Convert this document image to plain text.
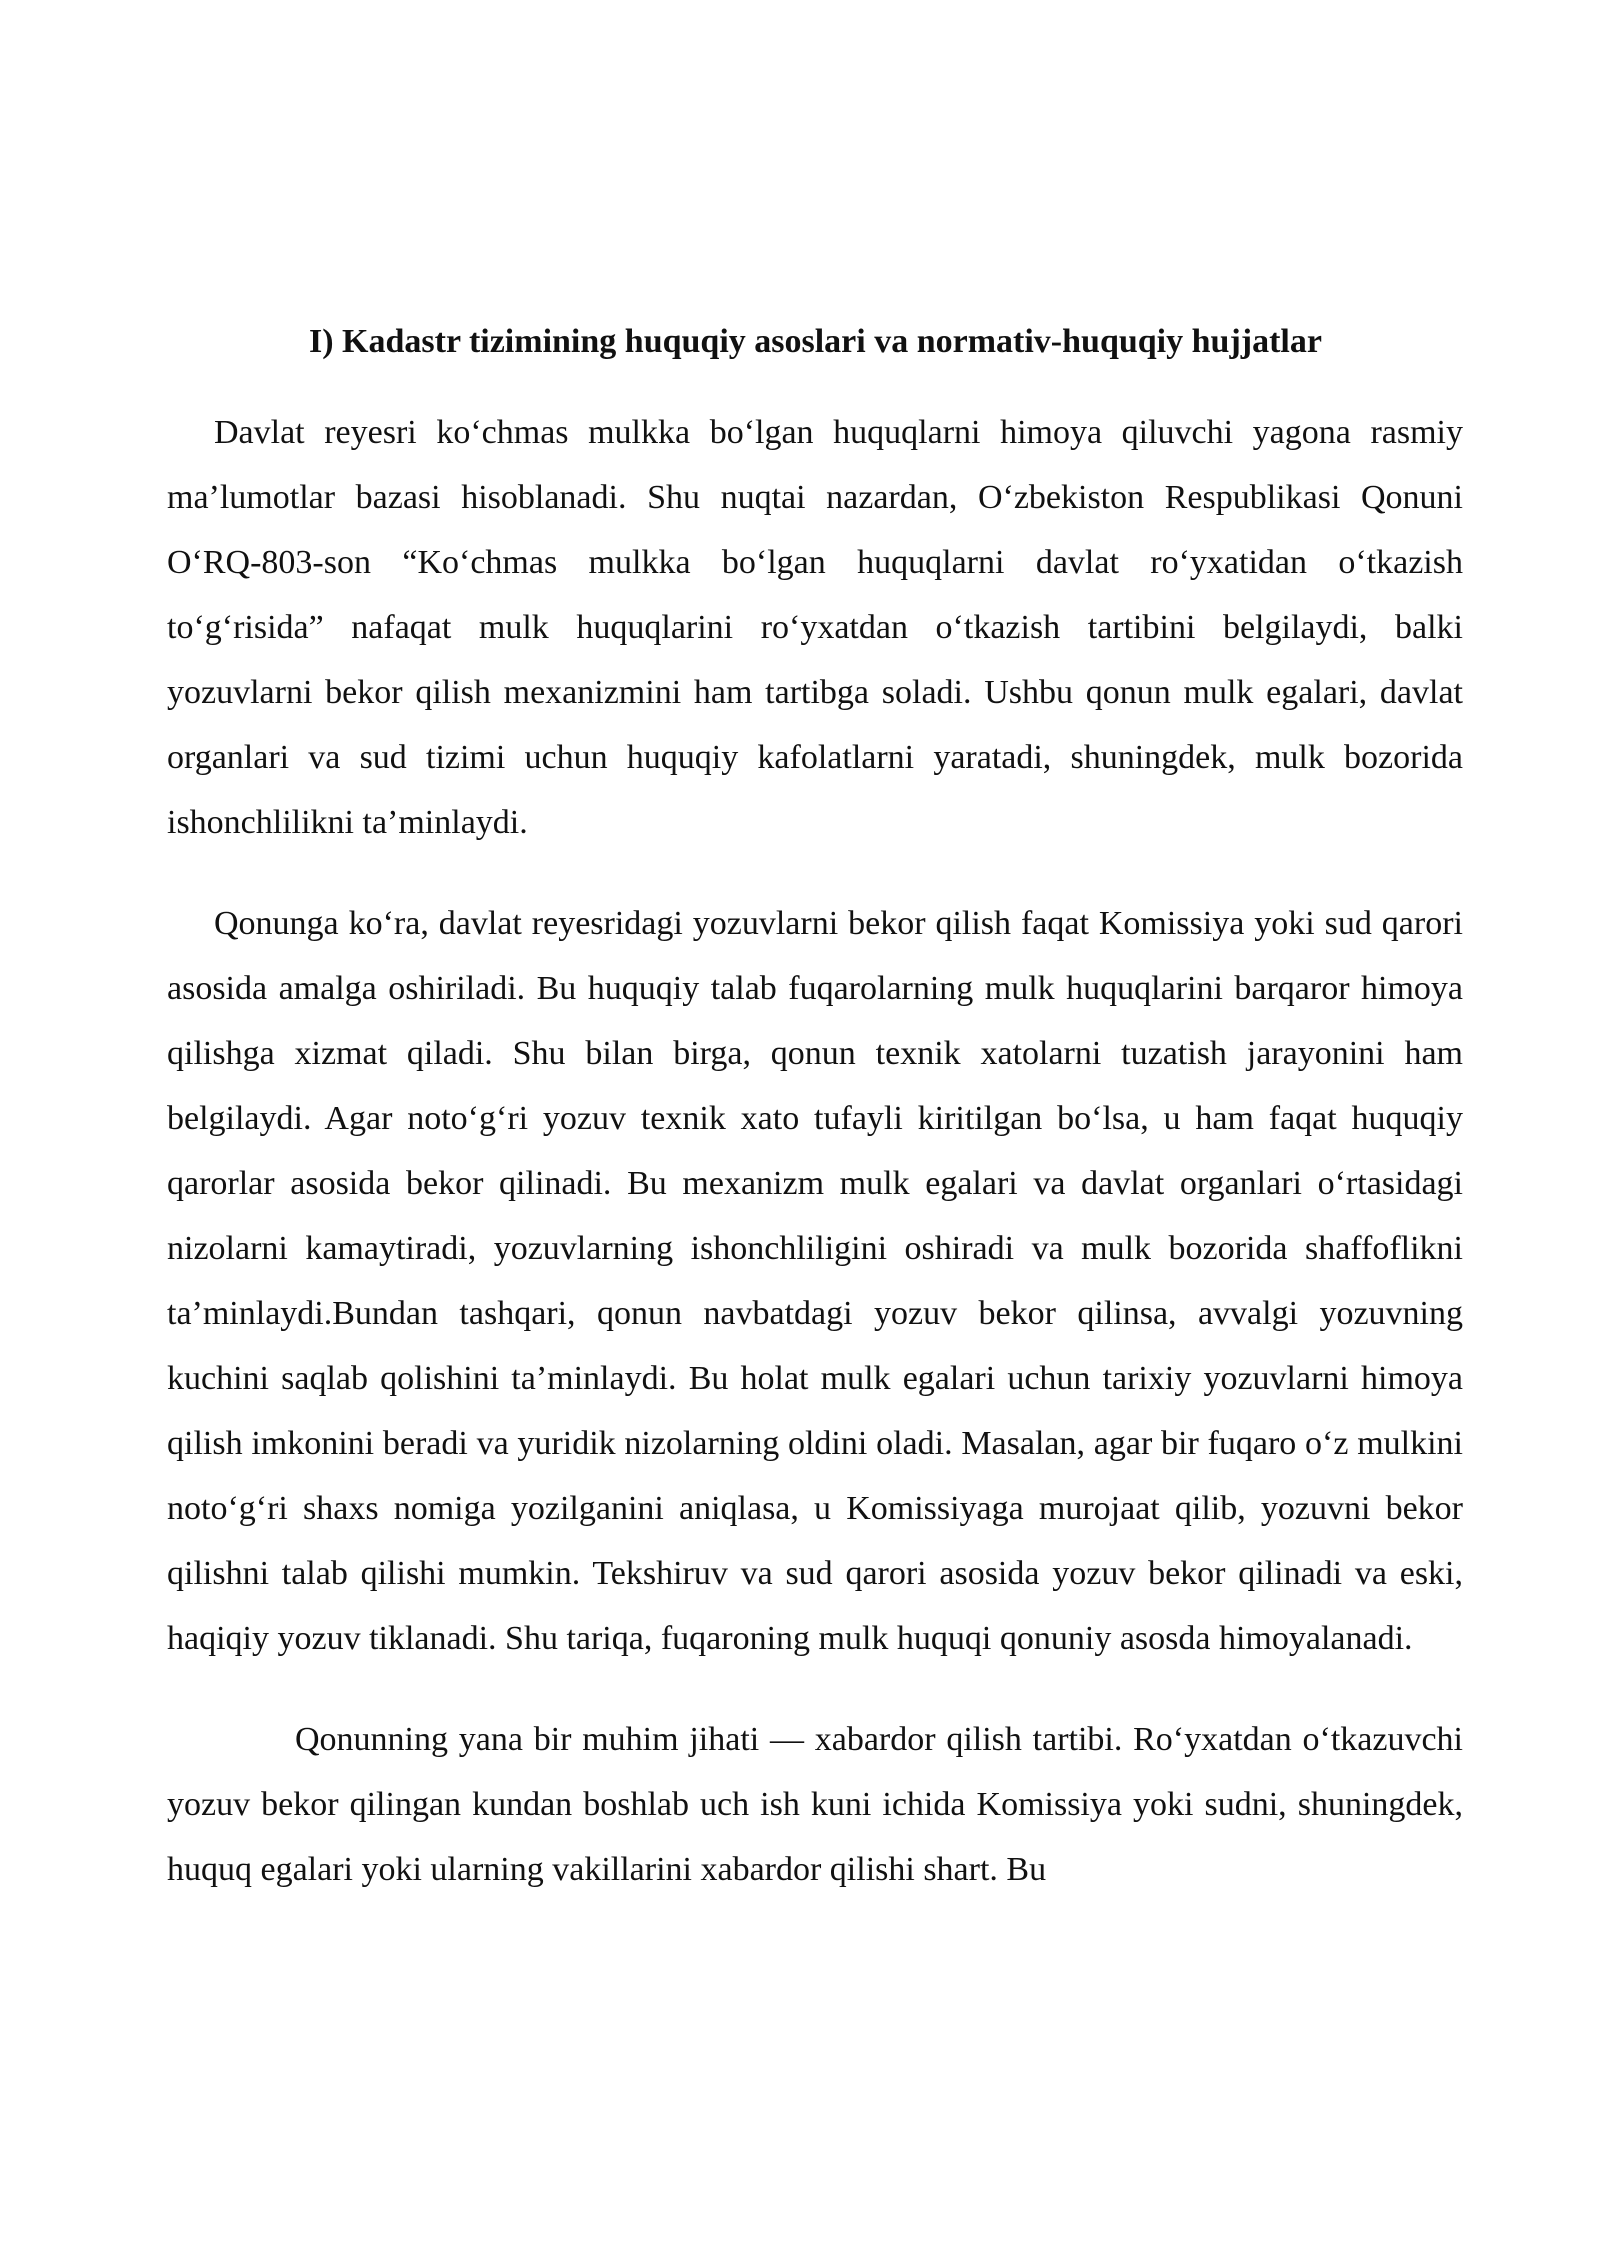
I) Kadastr tizimining huquqiy asoslari va normativ-huquqiy hujjatlar

Davlat reyesri ko‘chmas mulkka bo‘lgan huquqlarni himoya qiluvchi yagona rasmiy ma’lumotlar bazasi hisoblanadi. Shu nuqtai nazardan, O‘zbekiston Respublikasi Qonuni O‘RQ-803-son “Ko‘chmas mulkka bo‘lgan huquqlarni davlat ro‘yxatidan o‘tkazish to‘g‘risida” nafaqat mulk huquqlarini ro‘yxatdan o‘tkazish tartibini belgilaydi, balki yozuvlarni bekor qilish mexanizmini ham tartibga soladi. Ushbu qonun mulk egalari, davlat organlari va sud tizimi uchun huquqiy kafolatlarni yaratadi, shuningdek, mulk bozorida ishonchlilikni ta’minlaydi.

Qonunga ko‘ra, davlat reyesridagi yozuvlarni bekor qilish faqat Komissiya yoki sud qarori asosida amalga oshiriladi. Bu huquqiy talab fuqarolarning mulk huquqlarini barqaror himoya qilishga xizmat qiladi. Shu bilan birga, qonun texnik xatolarni tuzatish jarayonini ham belgilaydi. Agar noto‘g‘ri yozuv texnik xato tufayli kiritilgan bo‘lsa, u ham faqat huquqiy qarorlar asosida bekor qilinadi. Bu mexanizm mulk egalari va davlat organlari o‘rtasidagi nizolarni kamaytiradi, yozuvlarning ishonchliligini oshiradi va mulk bozorida shaffoflikni ta’minlaydi.Bundan tashqari, qonun navbatdagi yozuv bekor qilinsa, avvalgi yozuvning kuchini saqlab qolishini ta’minlaydi. Bu holat mulk egalari uchun tarixiy yozuvlarni himoya qilish imkonini beradi va yuridik nizolarning oldini oladi. Masalan, agar bir fuqaro o‘z mulkini noto‘g‘ri shaxs nomiga yozilganini aniqlasa, u Komissiyaga murojaat qilib, yozuvni bekor qilishni talab qilishi mumkin. Tekshiruv va sud qarori asosida yozuv bekor qilinadi va eski, haqiqiy yozuv tiklanadi. Shu tariqa, fuqaroning mulk huquqi qonuniy asosda himoyalanadi.

Qonunning yana bir muhim jihati — xabardor qilish tartibi. Ro‘yxatdan o‘tkazuvchi yozuv bekor qilingan kundan boshlab uch ish kuni ichida Komissiya yoki sudni, shuningdek, huquq egalari yoki ularning vakillarini xabardor qilishi shart. Bu
